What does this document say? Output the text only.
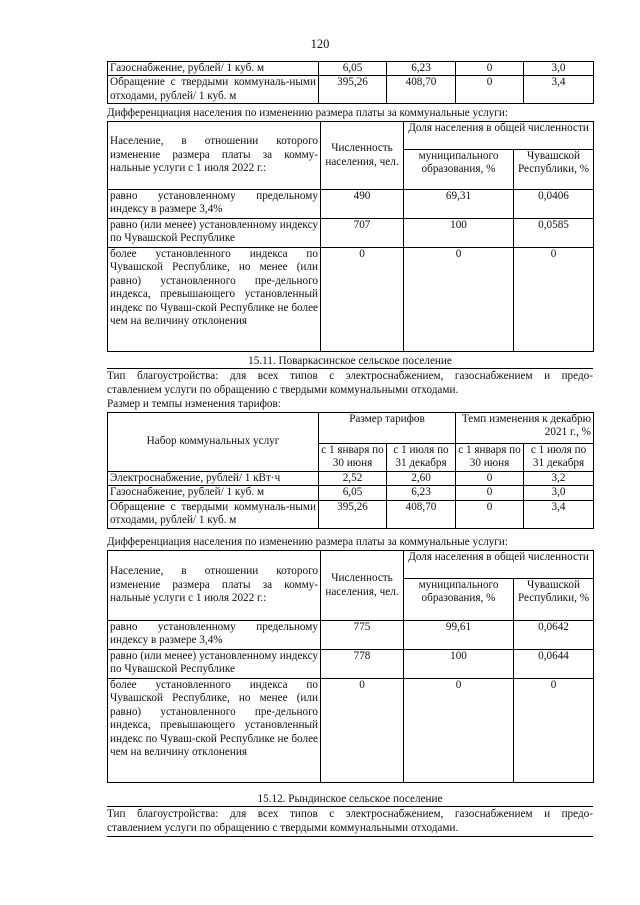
120
Газоснабжение, рублей/ 1 куб. м	6,05	6,23	0	3,0
Обращение с твердыми коммуналь-ными отходами, рублей/ 1 куб. м	395,26	408,70	0	3,4
Дифференциация населения по изменению размера платы за коммунальные услуги:
Население, в отношении которого изменение размера платы за комму-нальные услуги с 1 июля 2022 г.:	Численность населения, чел.	Доля населения в общей численности	
		муниципального образования, %	Чувашской Республики, %
равно установленному предельному индексу в размере 3,4%	490	69,31	0,0406
равно (или менее) установленному индексу по Чувашской Республике	707	100	0,0585
более установленного индекса по Чувашской Республике, но менее (или равно) установленного пре-дельного индекса, превышающего установленный индекс по Чуваш-ской Республике не более чем на величину отклонения	0	0	0
15.11. Поваркасинское сельское поселение
Тип благоустройства: для всех типов с электроснабжением, газоснабжением и предо-
ставлением услуги по обращению с твердыми коммунальными отходами.
Размер и темпы изменения тарифов:
Набор коммунальных услуг	Размер тарифов		Темп изменения к декабрю 2021 г., %	
	с 1 января по 30 июня	с 1 июля по 31 декабря	с 1 января по 30 июня	с 1 июля по 31 декабря
Электроснабжение, рублей/ 1 кВт·ч	2,52	2,60	0	3,2
Газоснабжение, рублей/ 1 куб. м	6,05	6,23	0	3,0
Обращение с твердыми коммуналь-ными отходами, рублей/ 1 куб. м	395,26	408,70	0	3,4
Дифференциация населения по изменению размера платы за коммунальные услуги:
Население, в отношении которого изменение размера платы за комму-нальные услуги с 1 июля 2022 г.:	Численность населения, чел.	Доля населения в общей численности	
		муниципального образования, %	Чувашской Республики, %
равно установленному предельному индексу в размере 3,4%	775	99,61	0,0642
равно (или менее) установленному индексу по Чувашской Республике	778	100	0,0644
более установленного индекса по Чувашской Республике, но менее (или равно) установленного пре-дельного индекса, превышающего установленный индекс по Чуваш-ской Республике не более чем на величину отклонения	0	0	0
15.12. Рындинское сельское поселение
Тип благоустройства: для всех типов с электроснабжением, газоснабжением и предо-
ставлением услуги по обращению с твердыми коммунальными отходами.
